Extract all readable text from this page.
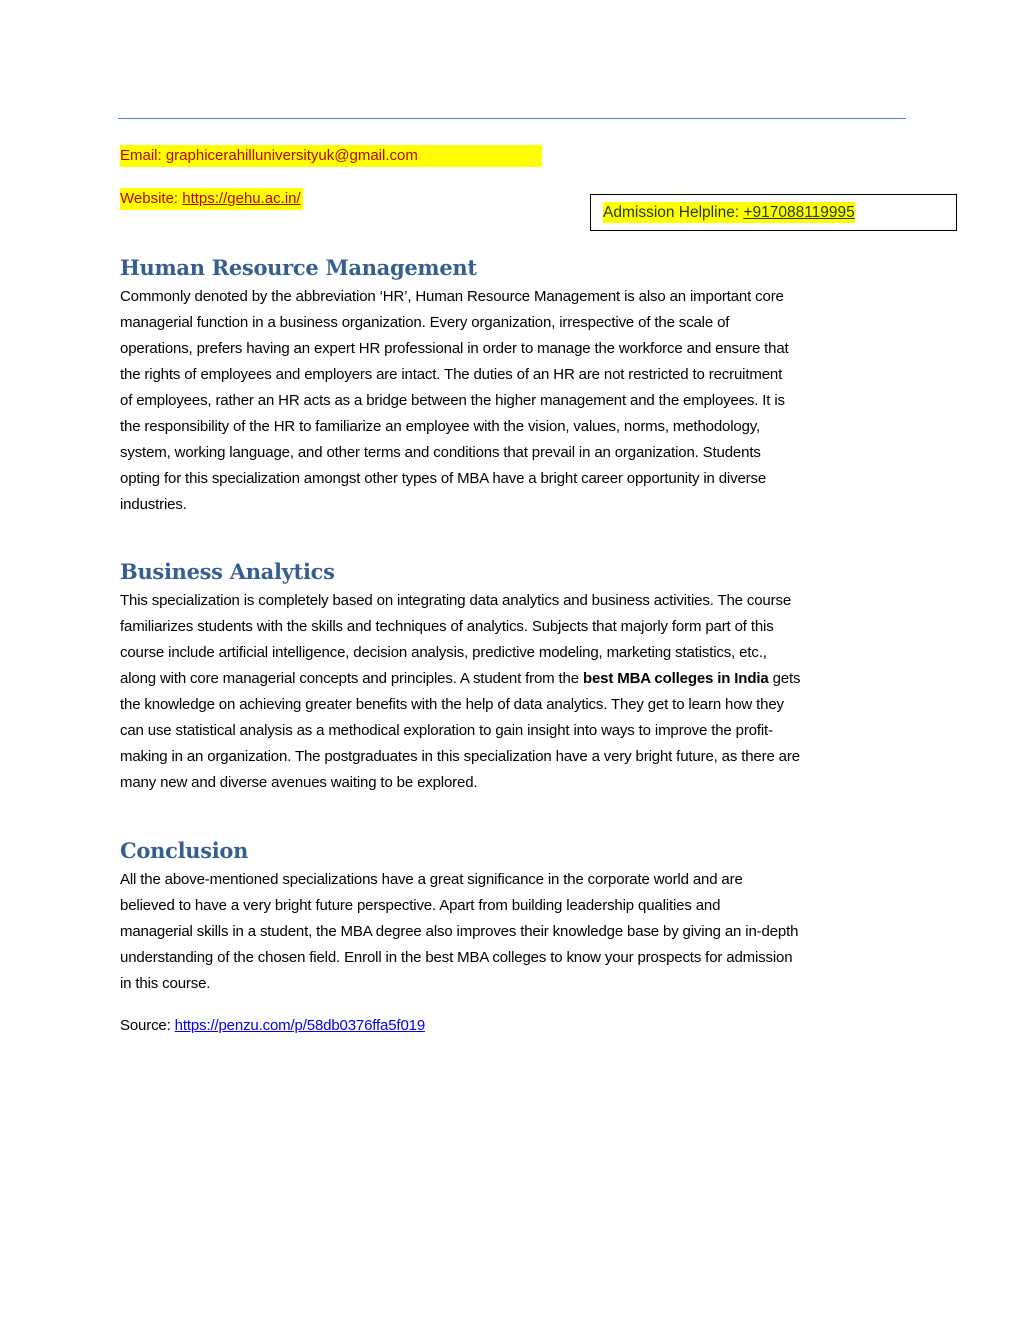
Email: graphicerahilluniversityuk@gmail.com
Website: https://gehu.ac.in/
Admission Helpline: +917088119995
Human Resource Management
Commonly denoted by the abbreviation ‘HR’, Human Resource Management is also an important core
managerial function in a business organization. Every organization, irrespective of the scale of
operations, prefers having an expert HR professional in order to manage the workforce and ensure that
the rights of employees and employers are intact. The duties of an HR are not restricted to recruitment
of employees, rather an HR acts as a bridge between the higher management and the employees. It is
the responsibility of the HR to familiarize an employee with the vision, values, norms, methodology,
system, working language, and other terms and conditions that prevail in an organization. Students
opting for this specialization amongst other types of MBA have a bright career opportunity in diverse
industries.
Business Analytics
This specialization is completely based on integrating data analytics and business activities. The course
familiarizes students with the skills and techniques of analytics. Subjects that majorly form part of this
course include artificial intelligence, decision analysis, predictive modeling, marketing statistics, etc.,
along with core managerial concepts and principles. A student from the best MBA colleges in India gets
the knowledge on achieving greater benefits with the help of data analytics. They get to learn how they
can use statistical analysis as a methodical exploration to gain insight into ways to improve the profit-
making in an organization. The postgraduates in this specialization have a very bright future, as there are
many new and diverse avenues waiting to be explored.
Conclusion
All the above-mentioned specializations have a great significance in the corporate world and are
believed to have a very bright future perspective. Apart from building leadership qualities and
managerial skills in a student, the MBA degree also improves their knowledge base by giving an in-depth
understanding of the chosen field. Enroll in the best MBA colleges to know your prospects for admission
in this course.
Source: https://penzu.com/p/58db0376ffa5f019
